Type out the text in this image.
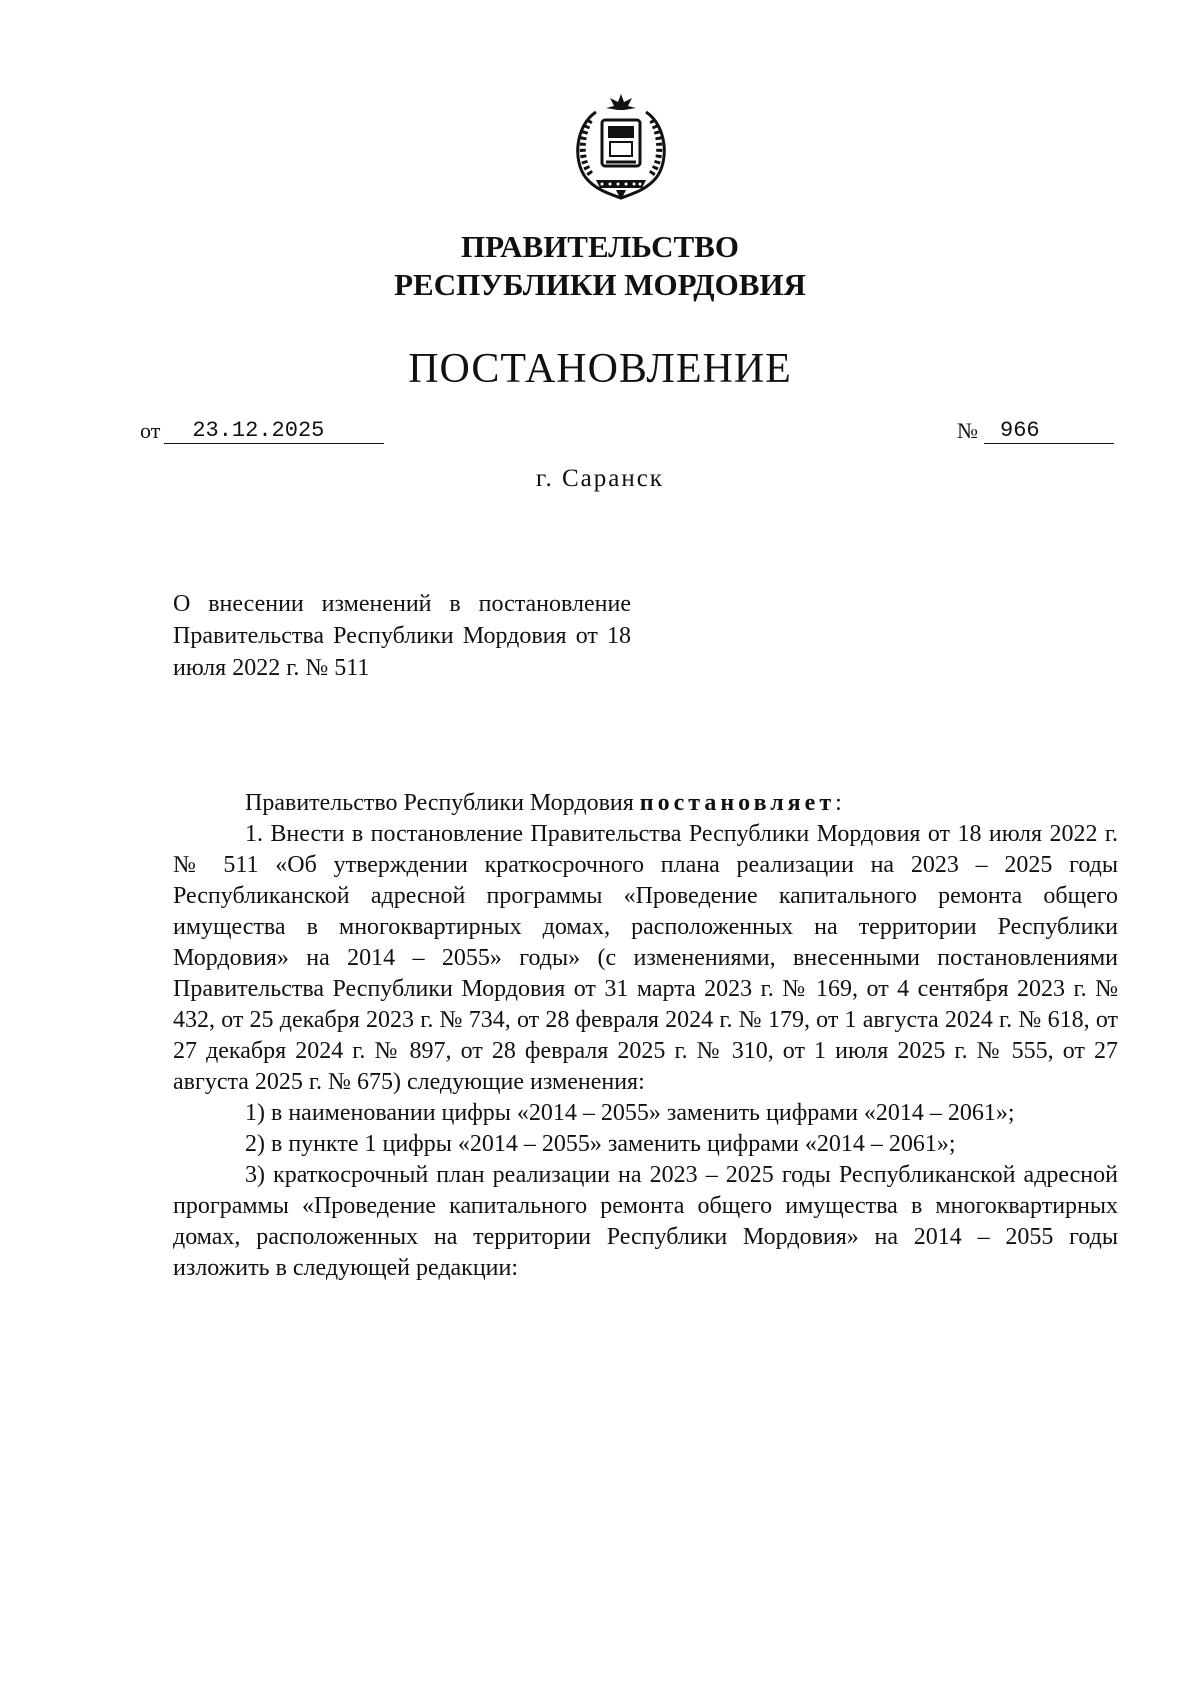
ПРАВИТЕЛЬСТВО
РЕСПУБЛИКИ МОРДОВИЯ
ПОСТАНОВЛЕНИЕ
от	23.12.2025	№	966
г. Саранск
О внесении изменений в постановление Правительства Республики Мордовия от 18 июля 2022 г. № 511

Правительство Республики Мордовия постановляет:

1. Внести в постановление Правительства Республики Мордовия от 18 июля 2022 г. № 511 «Об утверждении краткосрочного плана реализации на 2023 – 2025 годы Республиканской адресной программы «Проведение капитального ремонта общего имущества в многоквартирных домах, расположенных на территории Республики Мордовия» на 2014 – 2055» годы» (с изменениями, внесенными постановлениями Правительства Республики Мордовия от 31 марта 2023 г. № 169, от 4 сентября 2023 г. № 432, от 25 декабря 2023 г. № 734, от 28 февраля 2024 г. № 179, от 1 августа 2024 г. № 618, от 27 декабря 2024 г. № 897, от 28 февраля 2025 г. № 310, от 1 июля 2025 г. № 555, от 27 августа 2025 г. № 675) следующие изменения:

1) в наименовании цифры «2014 – 2055» заменить цифрами «2014 – 2061»;

2) в пункте 1 цифры «2014 – 2055» заменить цифрами «2014 – 2061»;

3) краткосрочный план реализации на 2023 – 2025 годы Республиканской адресной программы «Проведение капитального ремонта общего имущества в многоквартирных домах, расположенных на территории Республики Мордовия» на 2014 – 2055 годы изложить в следующей редакции:
